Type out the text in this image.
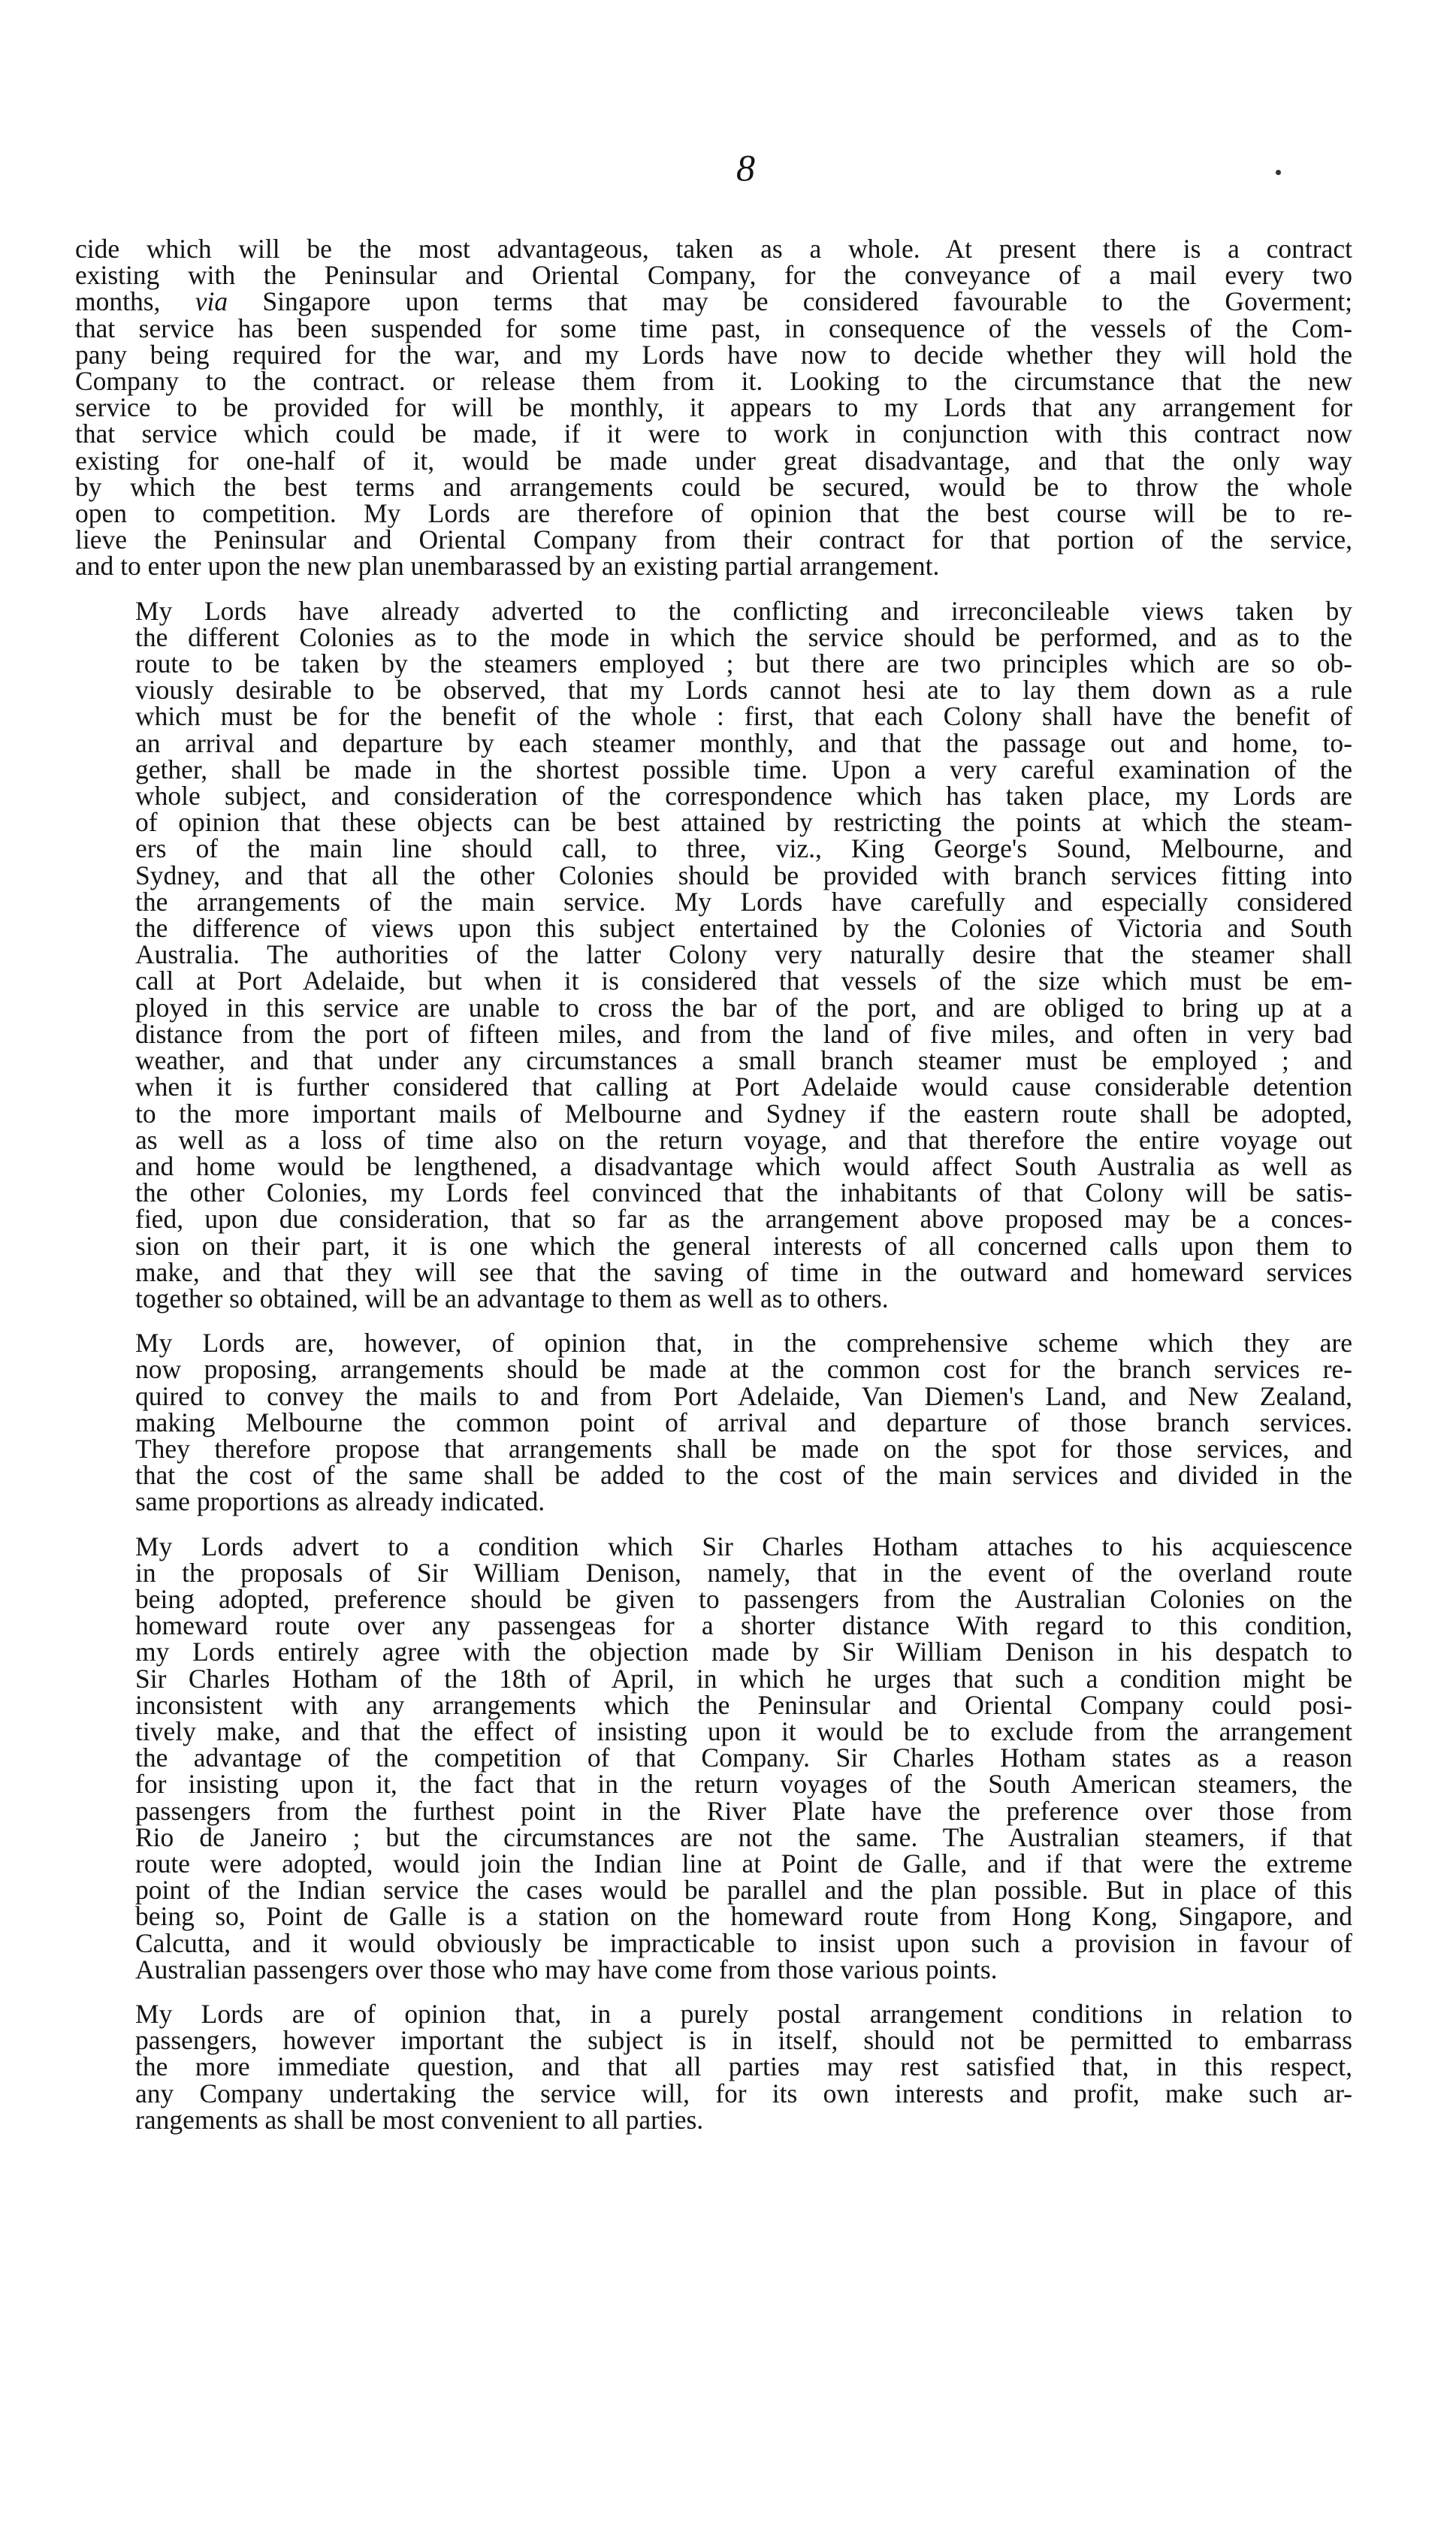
8

cide which will be the most advantageous, taken as a whole. At present there is a contract
existing with the Peninsular and Oriental Company, for the conveyance of a mail every two
months, via Singapore upon terms that may be considered favourable to the Goverment;
that service has been suspended for some time past, in consequence of the vessels of the Com-
pany being required for the war, and my Lords have now to decide whether they will hold the
Company to the contract. or release them from it. Looking to the circumstance that the new
service to be provided for will be monthly, it appears to my Lords that any arrangement for
that service which could be made, if it were to work in conjunction with this contract now
existing for one-half of it, would be made under great disadvantage, and that the only way
by which the best terms and arrangements could be secured, would be to throw the whole
open to competition. My Lords are therefore of opinion that the best course will be to re-
lieve the Peninsular and Oriental Company from their contract for that portion of the service,
and to enter upon the new plan unembarassed by an existing partial arrangement.

My Lords have already adverted to the conflicting and irreconcileable views taken by
the different Colonies as to the mode in which the service should be performed, and as to the
route to be taken by the steamers employed ; but there are two principles which are so ob-
viously desirable to be observed, that my Lords cannot hesi ate to lay them down as a rule
which must be for the benefit of the whole : first, that each Colony shall have the benefit of
an arrival and departure by each steamer monthly, and that the passage out and home, to-
gether, shall be made in the shortest possible time. Upon a very careful examination of the
whole subject, and consideration of the correspondence which has taken place, my Lords are
of opinion that these objects can be best attained by restricting the points at which the steam-
ers of the main line should call, to three, viz., King George's Sound, Melbourne, and
Sydney, and that all the other Colonies should be provided with branch services fitting into
the arrangements of the main service. My Lords have carefully and especially considered
the difference of views upon this subject entertained by the Colonies of Victoria and South
Australia. The authorities of the latter Colony very naturally desire that the steamer shall
call at Port Adelaide, but when it is considered that vessels of the size which must be em-
ployed in this service are unable to cross the bar of the port, and are obliged to bring up at a
distance from the port of fifteen miles, and from the land of five miles, and often in very bad
weather, and that under any circumstances a small branch steamer must be employed ; and
when it is further considered that calling at Port Adelaide would cause considerable detention
to the more important mails of Melbourne and Sydney if the eastern route shall be adopted,
as well as a loss of time also on the return voyage, and that therefore the entire voyage out
and home would be lengthened, a disadvantage which would affect South Australia as well as
the other Colonies, my Lords feel convinced that the inhabitants of that Colony will be satis-
fied, upon due consideration, that so far as the arrangement above proposed may be a conces-
sion on their part, it is one which the general interests of all concerned calls upon them to
make, and that they will see that the saving of time in the outward and homeward services
together so obtained, will be an advantage to them as well as to others.

My Lords are, however, of opinion that, in the comprehensive scheme which they are
now proposing, arrangements should be made at the common cost for the branch services re-
quired to convey the mails to and from Port Adelaide, Van Diemen's Land, and New Zealand,
making Melbourne the common point of arrival and departure of those branch services.
They therefore propose that arrangements shall be made on the spot for those services, and
that the cost of the same shall be added to the cost of the main services and divided in the
same proportions as already indicated.

My Lords advert to a condition which Sir Charles Hotham attaches to his acquiescence
in the proposals of Sir William Denison, namely, that in the event of the overland route
being adopted, preference should be given to passengers from the Australian Colonies on the
homeward route over any passengeas for a shorter distance With regard to this condition,
my Lords entirely agree with the objection made by Sir William Denison in his despatch to
Sir Charles Hotham of the 18th of April, in which he urges that such a condition might be
inconsistent with any arrangements which the Peninsular and Oriental Company could posi-
tively make, and that the effect of insisting upon it would be to exclude from the arrangement
the advantage of the competition of that Company. Sir Charles Hotham states as a reason
for insisting upon it, the fact that in the return voyages of the South American steamers, the
passengers from the furthest point in the River Plate have the preference over those from
Rio de Janeiro ; but the circumstances are not the same. The Australian steamers, if that
route were adopted, would join the Indian line at Point de Galle, and if that were the extreme
point of the Indian service the cases would be parallel and the plan possible. But in place of this
being so, Point de Galle is a station on the homeward route from Hong Kong, Singapore, and
Calcutta, and it would obviously be impracticable to insist upon such a provision in favour of
Australian passengers over those who may have come from those various points.

My Lords are of opinion that, in a purely postal arrangement conditions in relation to
passengers, however important the subject is in itself, should not be permitted to embarrass
the more immediate question, and that all parties may rest satisfied that, in this respect,
any Company undertaking the service will, for its own interests and profit, make such ar-
rangements as shall be most convenient to all parties.
